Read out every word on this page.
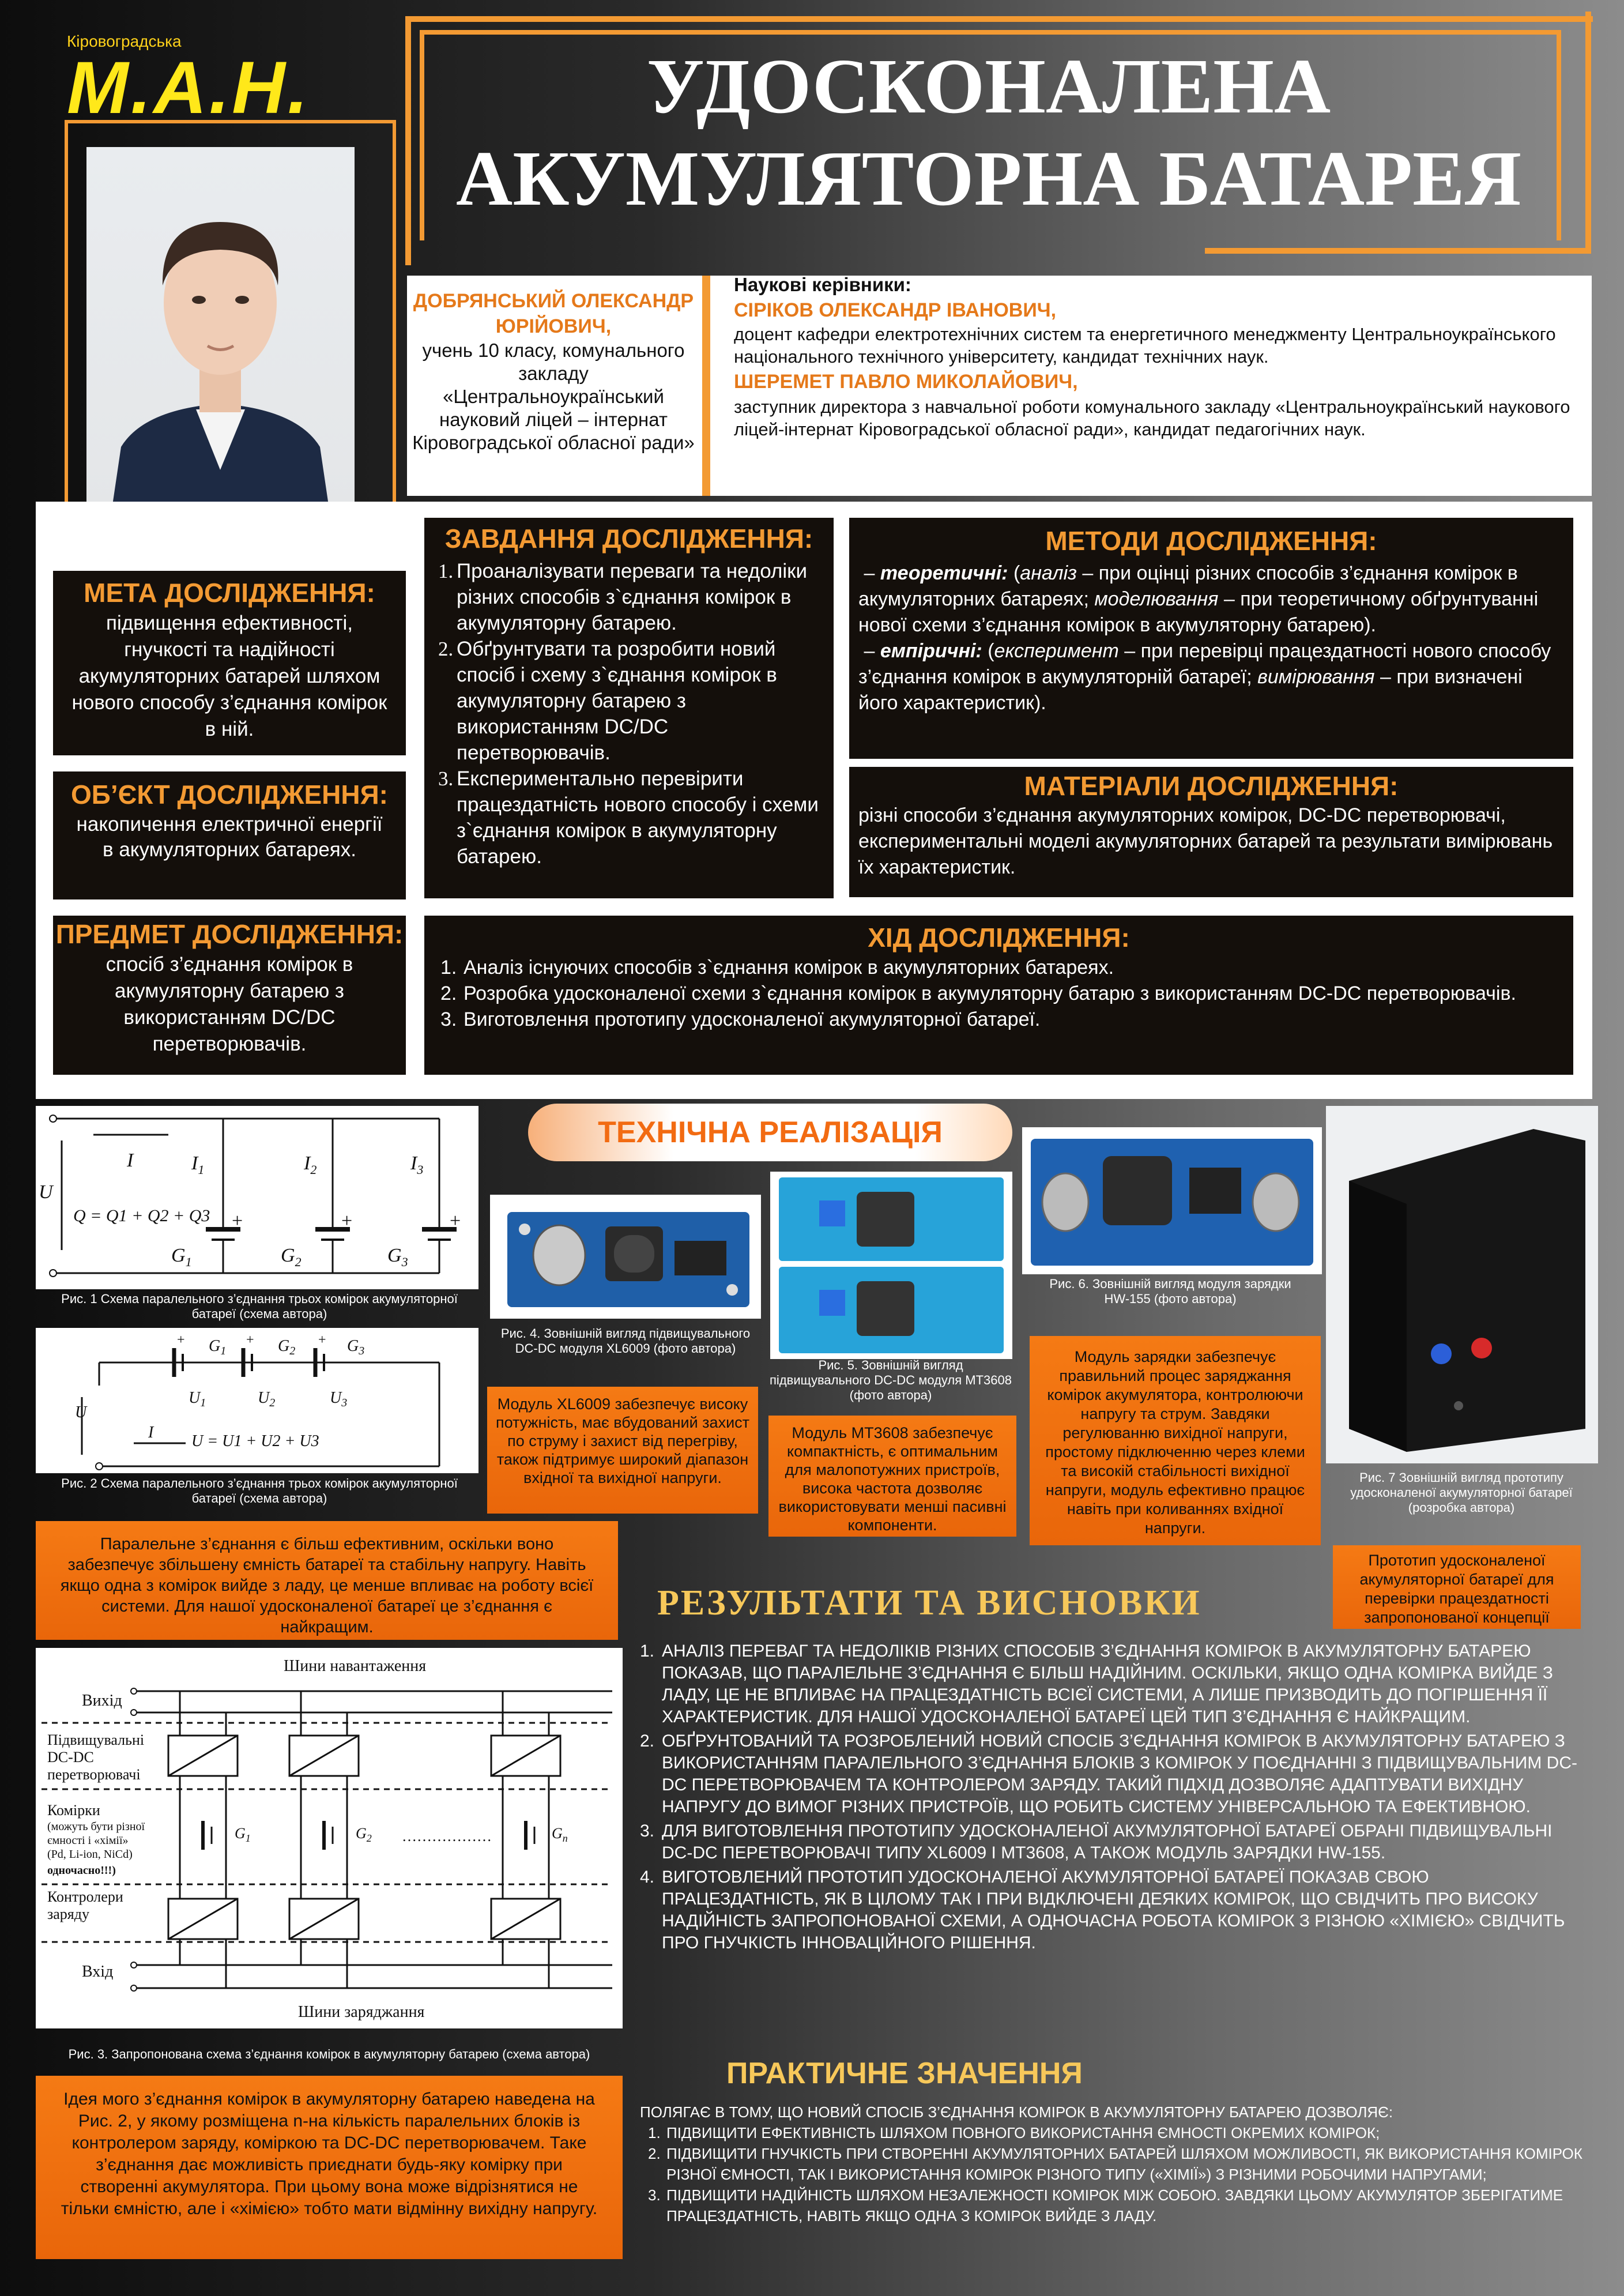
Кіровоградська
М.А.Н.	УДОСКОНАЛЕНА
АКУМУЛЯТОРНА БАТАРЕЯ
ДОБРЯНСЬКИЙ ОЛЕКСАНДР ЮРІЙОВИЧ,
учень 10 класу, комунального закладу «Центральноукраїнський науковий ліцей – інтернат Кіровоградської обласної ради»
Наукові керівники:
СІРІКОВ ОЛЕКСАНДР ІВАНОВИЧ,
доцент кафедри електротехнічних систем та енергетичного менеджменту Центральноукраїнського національного технічного університету, кандидат технічних наук.
ШЕРЕМЕТ ПАВЛО МИКОЛАЙОВИЧ,
заступник директора з навчальної роботи комунального закладу «Центральноукраїнський наукового ліцей-інтернат Кіровоградської обласної ради», кандидат педагогічних наук.
МЕТА ДОСЛІДЖЕННЯ:
підвищення ефективності, гнучкості та надійності акумуляторних батарей шляхом нового способу з’єднання комірок в ній.
ОБ’ЄКТ ДОСЛІДЖЕННЯ:
накопичення електричної енергії в акумуляторних батареях.
ПРЕДМЕТ ДОСЛІДЖЕННЯ:
спосіб з’єднання комірок в акумуляторну батарею з використанням DC/DC перетворювачів.
ЗАВДАННЯ ДОСЛІДЖЕННЯ:
1. Проаналізувати переваги та недоліки різних способів з`єднання комірок в акумуляторну батарею.
2. Обґрунтувати та розробити новий спосіб і схему з`єднання комірок в акумуляторну батарею з використанням DC/DC перетворювачів.
3. Експериментально перевірити працездатність нового способу і схеми з`єднання комірок в акумуляторну батарею.
МЕТОДИ ДОСЛІДЖЕННЯ:
– теоретичні: (аналіз – при оцінці різних способів з’єднання комірок в акумуляторних батареях; моделювання – при теоретичному обґрунтуванні нової схеми з’єднання комірок в акумуляторну батарею).
– емпіричні: (експеримент – при перевірці працездатності нового способу з’єднання комірок в акумуляторній батареї; вимірювання – при визначені його характеристик).
МАТЕРІАЛИ ДОСЛІДЖЕННЯ:
різні способи з’єднання акумуляторних комірок, DC-DC перетворювачі, експериментальні моделі акумуляторних батарей та результати вимірювань їх характеристик.
ХІД ДОСЛІДЖЕННЯ:
1. Аналіз існуючих способів з`єднання комірок в акумуляторних батареях.
2. Розробка удосконаленої схеми з`єднання комірок в акумуляторну батарю з використанням DC-DC перетворювачів.
3. Виготовлення прототипу удосконаленої акумуляторної батареї.
I	$I_1$	$I_2$	$I_3$
U
$G_1$	$G_2$	$G_3$
Q = Q1 + Q2 + Q3 +	+	+
Рис. 1 Схема паралельного з’єднання трьох комірок акумуляторної батареї (схема автора)
$G_1$	$G_2$	$G_3$
$U_1$	$U_2$	$U_3$
U
I U = U1 + U2 + U3
+	+	+
Рис. 2 Схема паралельного з’єднання трьох комірок акумуляторної батареї (схема автора)
Паралельне з’єднання є більш ефективним, оскільки воно забезпечує збільшену ємність батареї та стабільну напругу. Навіть якщо одна з комірок вийде з ладу, це менше впливає на роботу всієї системи. Для нашої удосконаленої батареї це з’єднання є найкращим.
ТЕХНІЧНА РЕАЛІЗАЦІЯ
Рис. 4. Зовнішній вигляд підвищувального DC-DC модуля XL6009 (фото автора)
Модуль XL6009 забезпечує високу потужність, має вбудований захист по струму і захист від перегріву, також підтримує широкий діапазон вхідної та вихідної напруги.
Рис. 5. Зовнішній вигляд підвищувального DC-DC модуля MT3608 (фото автора)
Модуль MT3608 забезпечує компактність, є оптимальним для малопотужних пристроїв, висока частота дозволяє використовувати менші пасивні компоненти.
Рис. 6. Зовнішній вигляд модуля зарядки HW-155 (фото автора)
Модуль зарядки забезпечує правильний процес заряджання комірок акумулятора, контролюючи напругу та струм. Завдяки регулюванню вихідної напруги, простому підключенню через клеми та високій стабільності вихідної напруги, модуль ефективно працює навіть при коливаннях вхідної напруги.
Рис. 7 Зовнішній вигляд прототипу удосконаленої акумуляторної батареї (розробка автора)
Прототип удосконаленої акумуляторної батареї для перевірки працездатності запропонованої концепції
Шини навантаження
Шини заряджання
Вихід
Вхід
Підвищувальні DC-DC перетворювачі
Комірки
(можуть бути різної ємності і «хімії» (Pd, Li-ion, NiCd)
одночасно!!!)
Контролери заряду
$G_1$	$G_2$	$G_n$
………………
Рис. 3. Запропонована схема з’єднання комірок в акумуляторну батарею (схема автора)
Ідея мого з’єднання комірок в акумуляторну батарею наведена на Рис. 2, у якому розміщена n-на кількість паралельних блоків із контролером заряду, коміркою та DC-DC перетворювачем. Таке з’єднання дає можливість приєднати будь-яку комірку при створенні акумулятора. При цьому вона може відрізнятися не тільки ємністю, але і «хімією» тобто мати відмінну вихідну напругу.
РЕЗУЛЬТАТИ ТА ВИСНОВКИ
1. АНАЛІЗ ПЕРЕВАГ ТА НЕДОЛІКІВ РІЗНИХ СПОСОБІВ З’ЄДНАННЯ КОМІРОК В АКУМУЛЯТОРНУ БАТАРЕЮ ПОКАЗАВ, ЩО ПАРАЛЕЛЬНЕ З’ЄДНАННЯ Є БІЛЬШ НАДІЙНИМ. ОСКІЛЬКИ, ЯКЩО ОДНА КОМІРКА ВИЙДЕ З ЛАДУ, ЦЕ НЕ ВПЛИВАЄ НА ПРАЦЕЗДАТНІСТЬ ВСІЄЇ СИСТЕМИ, А ЛИШЕ ПРИЗВОДИТЬ ДО ПОГІРШЕННЯ ЇЇ ХАРАКТЕРИСТИК. ДЛЯ НАШОЇ УДОСКОНАЛЕНОЇ БАТАРЕЇ ЦЕЙ ТИП З’ЄДНАННЯ Є НАЙКРАЩИМ.
2. ОБҐРУНТОВАНИЙ ТА РОЗРОБЛЕНИЙ НОВИЙ СПОСІБ З’ЄДНАННЯ КОМІРОК В АКУМУЛЯТОРНУ БАТАРЕЮ З ВИКОРИСТАННЯМ ПАРАЛЕЛЬНОГО З’ЄДНАННЯ БЛОКІВ З КОМІРОК У ПОЄДНАННІ З ПІДВИЩУВАЛЬНИМ DC-DC ПЕРЕТВОРЮВАЧЕМ ТА КОНТРОЛЕРОМ ЗАРЯДУ. ТАКИЙ ПІДХІД ДОЗВОЛЯЄ АДАПТУВАТИ ВИХІДНУ НАПРУГУ ДО ВИМОГ РІЗНИХ ПРИСТРОЇВ, ЩО РОБИТЬ СИСТЕМУ УНІВЕРСАЛЬНОЮ ТА ЕФЕКТИВНОЮ.
3. ДЛЯ ВИГОТОВЛЕННЯ ПРОТОТИПУ УДОСКОНАЛЕНОЇ АКУМУЛЯТОРНОЇ БАТАРЕЇ ОБРАНІ ПІДВИЩУВАЛЬНІ DC-DC ПЕРЕТВОРЮВАЧІ ТИПУ XL6009 І MT3608, А ТАКОЖ МОДУЛЬ ЗАРЯДКИ HW-155.
4. ВИГОТОВЛЕНИЙ ПРОТОТИП УДОСКОНАЛЕНОЇ АКУМУЛЯТОРНОЇ БАТАРЕЇ ПОКАЗАВ СВОЮ ПРАЦЕЗДАТНІСТЬ, ЯК В ЦІЛОМУ ТАК І ПРИ ВІДКЛЮЧЕНІ ДЕЯКИХ КОМІРОК, ЩО СВІДЧИТЬ ПРО ВИСОКУ НАДІЙНІСТЬ ЗАПРОПОНОВАНОЇ СХЕМИ, А ОДНОЧАСНА РОБОТА КОМІРОК З РІЗНОЮ «ХІМІЄЮ» СВІДЧИТЬ ПРО ГНУЧКІСТЬ ІННОВАЦІЙНОГО РІШЕННЯ.
ПРАКТИЧНЕ ЗНАЧЕННЯ
ПОЛЯГАЄ В ТОМУ, ЩО НОВИЙ СПОСІБ З’ЄДНАННЯ КОМІРОК В АКУМУЛЯТОРНУ БАТАРЕЮ ДОЗВОЛЯЄ:
1. ПІДВИЩИТИ ЕФЕКТИВНІСТЬ ШЛЯХОМ ПОВНОГО ВИКОРИСТАННЯ ЄМНОСТІ ОКРЕМИХ КОМІРОК;
2. ПІДВИЩИТИ ГНУЧКІСТЬ ПРИ СТВОРЕННІ АКУМУЛЯТОРНИХ БАТАРЕЙ ШЛЯХОМ МОЖЛИВОСТІ, ЯК ВИКОРИСТАННЯ КОМІРОК РІЗНОЇ ЄМНОСТІ, ТАК І ВИКОРИСТАННЯ КОМІРОК РІЗНОГО ТИПУ («ХІМІЇ») З РІЗНИМИ РОБОЧИМИ НАПРУГАМИ;
3. ПІДВИЩИТИ НАДІЙНІСТЬ ШЛЯХОМ НЕЗАЛЕЖНОСТІ КОМІРОК МІЖ СОБОЮ. ЗАВДЯКИ ЦЬОМУ АКУМУЛЯТОР ЗБЕРІГАТИМЕ ПРАЦЕЗДАТНІСТЬ, НАВІТЬ ЯКЩО ОДНА З КОМІРОК ВИЙДЕ З ЛАДУ.
